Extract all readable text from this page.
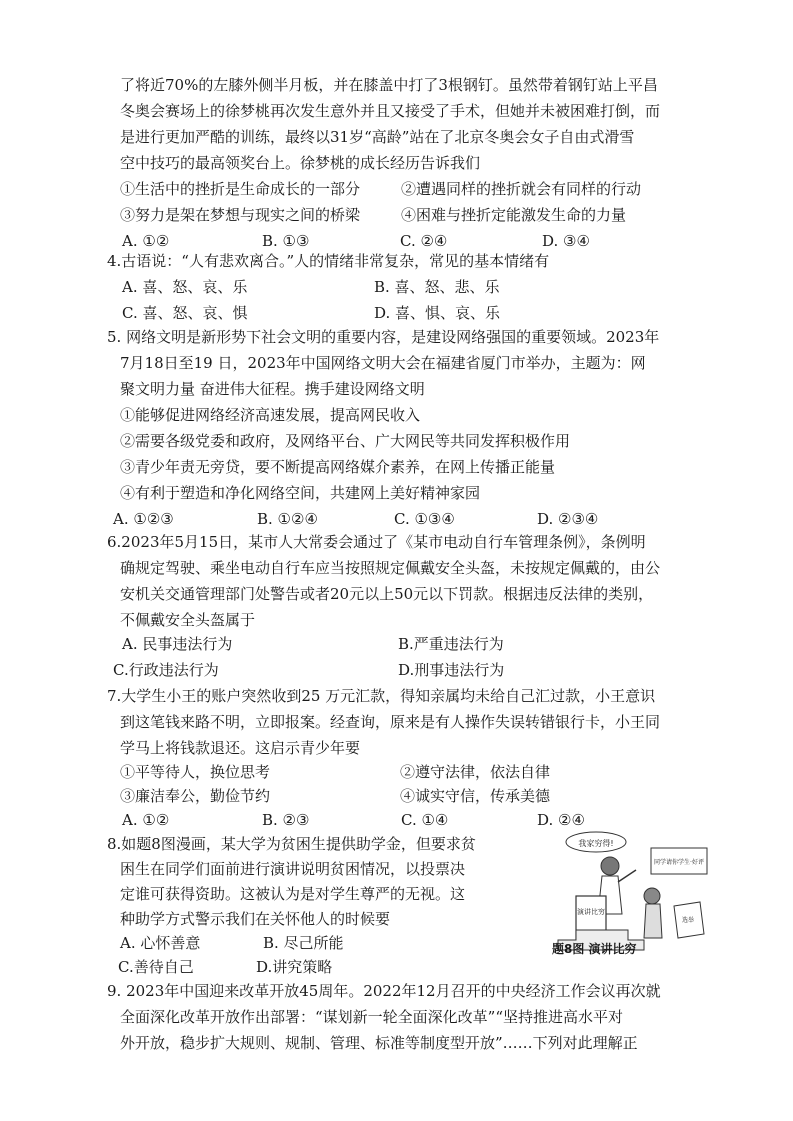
了将近70%的左膝外侧半月板，并在膝盖中打了3根钢钉。虽然带着钢钉站上平昌
冬奥会赛场上的徐梦桃再次发生意外并且又接受了手术，但她并未被困难打倒，而
是进行更加严酷的训练，最终以31岁“高龄”站在了北京冬奥会女子自由式滑雪
空中技巧的最高领奖台上。徐梦桃的成长经历告诉我们
①生活中的挫折是生命成长的一部分	②遭遇同样的挫折就会有同样的行动
③努力是架在梦想与现实之间的桥梁	④困难与挫折定能激发生命的力量
A. ①②	B. ①③	C. ②④	D. ③④
4.古语说：“人有悲欢离合。”人的情绪非常复杂，常见的基本情绪有
A. 喜、怒、哀、乐	B. 喜、怒、悲、乐
C. 喜、怒、哀、惧	D. 喜、惧、哀、乐
5. 网络文明是新形势下社会文明的重要内容，是建设网络强国的重要领域。2023年
7月18日至19 日，2023年中国网络文明大会在福建省厦门市举办，主题为：网
聚文明力量 奋进伟大征程。携手建设网络文明
①能够促进网络经济高速发展，提高网民收入
②需要各级党委和政府，及网络平台、广大网民等共同发挥积极作用
③青少年责无旁贷，要不断提高网络媒介素养，在网上传播正能量
④有利于塑造和净化网络空间，共建网上美好精神家园
A. ①②③	B. ①②④	C. ①③④	D. ②③④
6.2023年5月15日，某市人大常委会通过了《某市电动自行车管理条例》，条例明
确规定驾驶、乘坐电动自行车应当按照规定佩戴安全头盔，未按规定佩戴的，由公
安机关交通管理部门处警告或者20元以上50元以下罚款。根据违反法律的类别，
不佩戴安全头盔属于
A. 民事违法行为	B.严重违法行为
C.行政违法行为	D.刑事违法行为
7.大学生小王的账户突然收到25 万元汇款，得知亲属均未给自己汇过款，小王意识
到这笔钱来路不明，立即报案。经查询，原来是有人操作失误转错银行卡，小王同
学马上将钱款退还。这启示青少年要
①平等待人，换位思考	②遵守法律，依法自律
③廉洁奉公，勤俭节约	④诚实守信，传承美德
A. ①②	B. ②③	C. ①④	D. ②④
8.如题8图漫画，某大学为贫困生提供助学金，但要求贫
困生在同学们面前进行演讲说明贫困情况，以投票决
定谁可获得资助。这被认为是对学生尊严的无视。这
种助学方式警示我们在关怀他人的时候要
A. 心怀善意	B. 尽己所能
C.善待自己	D.讲究策略
我家穷得!
同学请你学生·好评
演讲比穷
选举
题8图 演讲比穷
9. 2023年中国迎来改革开放45周年。2022年12月召开的中央经济工作会议再次就
全面深化改革开放作出部署：“谋划新一轮全面深化改革”“坚持推进高水平对
外开放，稳步扩大规则、规制、管理、标准等制度型开放”……下列对此理解正
